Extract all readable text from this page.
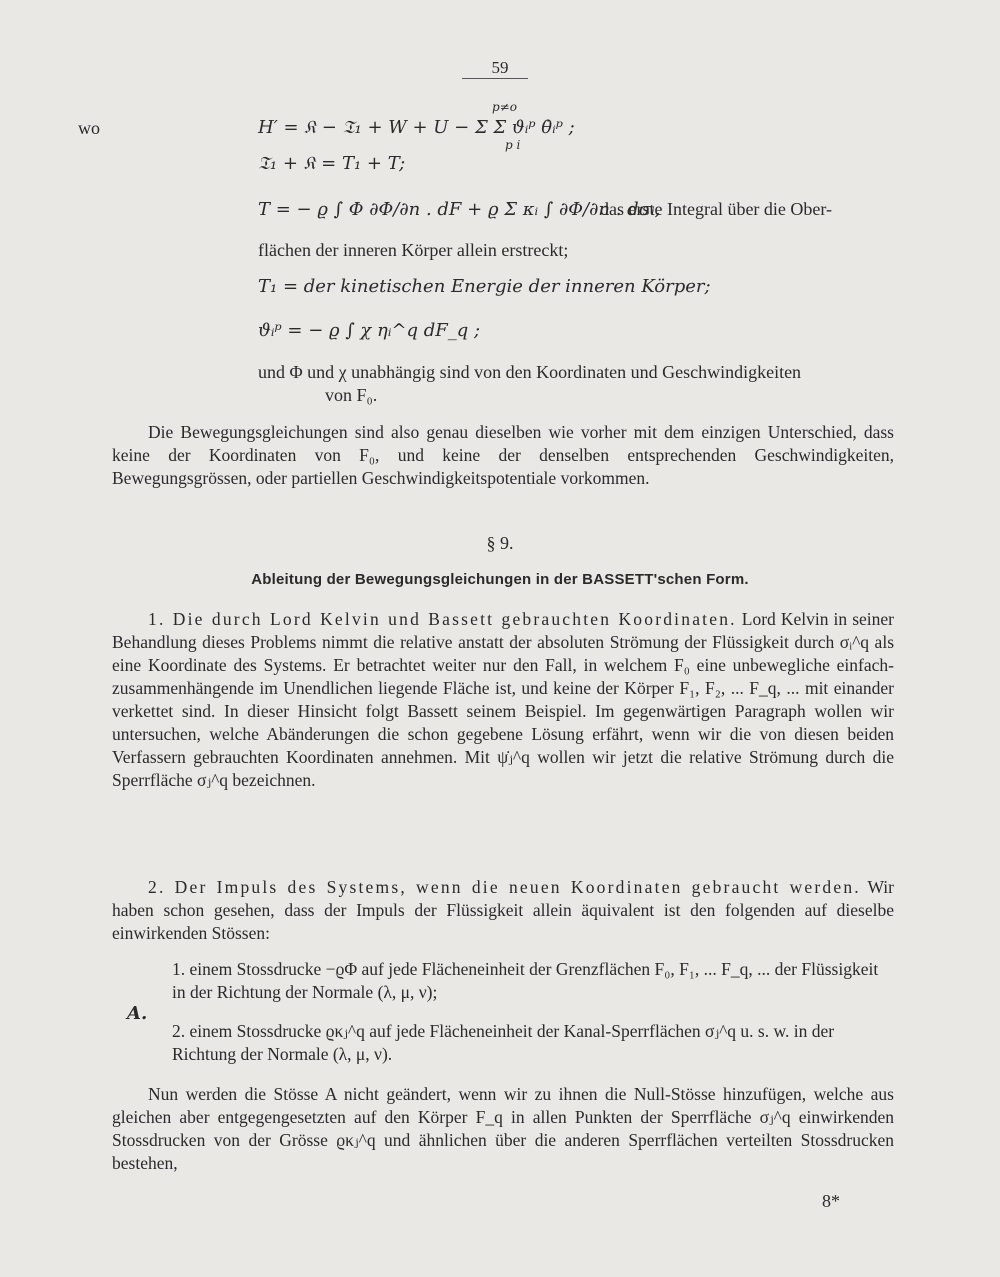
59
wo
p≠o
H′ = 𝔎 − 𝔗₁ + W + U − Σ Σ ϑᵢᵖ θ̇ᵢᵖ ;
p i
𝔗₁ + 𝔎 = T₁ + T;
T = − ϱ ∫ Φ ∂Φ/∂n . dF + ϱ Σ κᵢ ∫ ∂Φ/∂n . dσᵢ,
das erste Integral über die Ober-
flächen der inneren Körper allein erstreckt;
T₁ = der kinetischen Energie der inneren Körper;
ϑᵢᵖ = − ϱ ∫ χ ηᵢ^q dF_q ;
und Φ und χ unabhängig sind von den Koordinaten und Geschwindigkeiten
von F₀.
Die Bewegungsgleichungen sind also genau dieselben wie vorher mit dem einzigen Unterschied, dass keine der Koordinaten von F₀, und keine der denselben entsprechenden Geschwindigkeiten, Bewegungsgrössen, oder partiellen Geschwindigkeitspotentiale vorkommen.
§ 9.
Ableitung der Bewegungsgleichungen in der BASSETT'schen Form.
1. Die durch Lord Kelvin und Bassett gebrauchten Koordinaten. Lord Kelvin in seiner Behandlung dieses Problems nimmt die relative anstatt der absoluten Strömung der Flüssigkeit durch σᵢ^q als eine Koordinate des Systems. Er betrachtet weiter nur den Fall, in welchem F₀ eine unbewegliche einfach-zusammenhängende im Unendlichen liegende Fläche ist, und keine der Körper F₁, F₂, ... F_q, ... mit einander verkettet sind. In dieser Hinsicht folgt Bassett seinem Beispiel. Im gegenwärtigen Paragraph wollen wir untersuchen, welche Abänderungen die schon gegebene Lösung erfährt, wenn wir die von diesen beiden Verfassern gebrauchten Koordinaten annehmen. Mit ψ̇ⱼ^q wollen wir jetzt die relative Strömung durch die Sperrfläche σⱼ^q bezeichnen.
2. Der Impuls des Systems, wenn die neuen Koordinaten gebraucht werden. Wir haben schon gesehen, dass der Impuls der Flüssigkeit allein äquivalent ist den folgenden auf dieselbe einwirkenden Stössen:
A.
1. einem Stossdrucke −ϱΦ auf jede Flächeneinheit der Grenzflächen F₀, F₁, ... F_q, ... der Flüssigkeit in der Richtung der Normale (λ, μ, ν);
2. einem Stossdrucke ϱκⱼ^q auf jede Flächeneinheit der Kanal-Sperrflächen σⱼ^q u. s. w. in der Richtung der Normale (λ, μ, ν).
Nun werden die Stösse A nicht geändert, wenn wir zu ihnen die Null-Stösse hinzufügen, welche aus gleichen aber entgegengesetzten auf den Körper F_q in allen Punkten der Sperrfläche σⱼ^q einwirkenden Stossdrucken von der Grösse ϱκⱼ^q und ähnlichen über die anderen Sperrflächen verteilten Stossdrucken bestehen,
8*
